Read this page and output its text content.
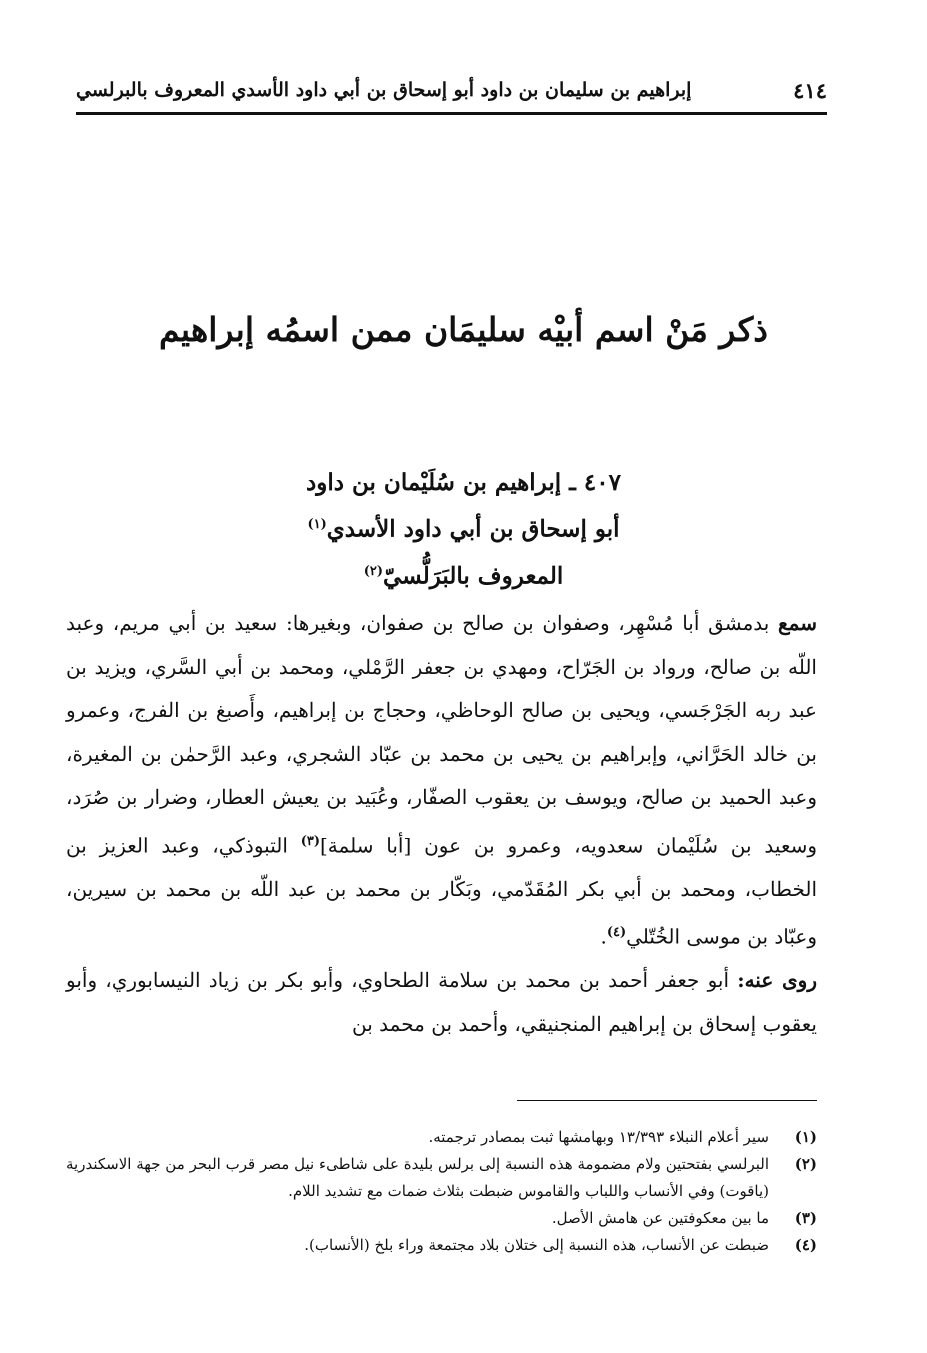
٤١٤
إبراهيم بن سليمان بن داود أبو إسحاق بن أبي داود الأسدي المعروف بالبرلسي
ذكر مَنْ اسم أبيْه سليمَان ممن اسمُه إبراهيم
٤٠٧ ـ إبراهيم بن سُلَيْمان بن داود
أبو إسحاق بن أبي داود الأسدي$^{(١)}$
المعروف بالبَرَلُّسيّ$^{(٢)}$

سمع بدمشق أبا مُسْهِر، وصفوان بن صالح بن صفوان، وبغيرها: سعيد بن أبي مريم، وعبد اللّه بن صالح، ورواد بن الجَرّاح، ومهدي بن جعفر الرَّمْلي، ومحمد بن أبي السَّري، ويزيد بن عبد ربه الجَرْجَسي، ويحيى بن صالح الوحاظي، وحجاج بن إبراهيم، وأَصبغ بن الفرج، وعمرو بن خالد الحَرَّاني، وإبراهيم بن يحيى بن محمد بن عبّاد الشجري، وعبد الرَّحمٰن بن المغيرة، وعبد الحميد بن صالح، ويوسف بن يعقوب الصفّار، وعُبَيد بن يعيش العطار، وضرار بن صُرَد، وسعيد بن سُلَيْمان سعدويه، وعمرو بن عون [أبا سلمة]$^{(٣)}$ التبوذكي، وعبد العزيز بن الخطاب، ومحمد بن أبي بكر المُقَدّمي، وبَكّار بن محمد بن عبد اللّه بن محمد بن سيرين، وعبّاد بن موسى الخُتّلي$^{(٤)}$.

روى عنه: أبو جعفر أحمد بن محمد بن سلامة الطحاوي، وأبو بكر بن زياد النيسابوري، وأبو يعقوب إسحاق بن إبراهيم المنجنيقي، وأحمد بن محمد بن

(١)
سير أعلام النبلاء ١٣/٣٩٣ وبهامشها ثبت بمصادر ترجمته.
(٢)
البرلسي بفتحتين ولام مضمومة هذه النسبة إلى برلس بليدة على شاطىء نيل مصر قرب البحر من جهة الاسكندرية (ياقوت) وفي الأنساب واللباب والقاموس ضبطت بثلاث ضمات مع تشديد اللام.
(٣)
ما بين معكوفتين عن هامش الأصل.
(٤)
ضبطت عن الأنساب، هذه النسبة إلى ختلان بلاد مجتمعة وراء بلخ (الأنساب).
